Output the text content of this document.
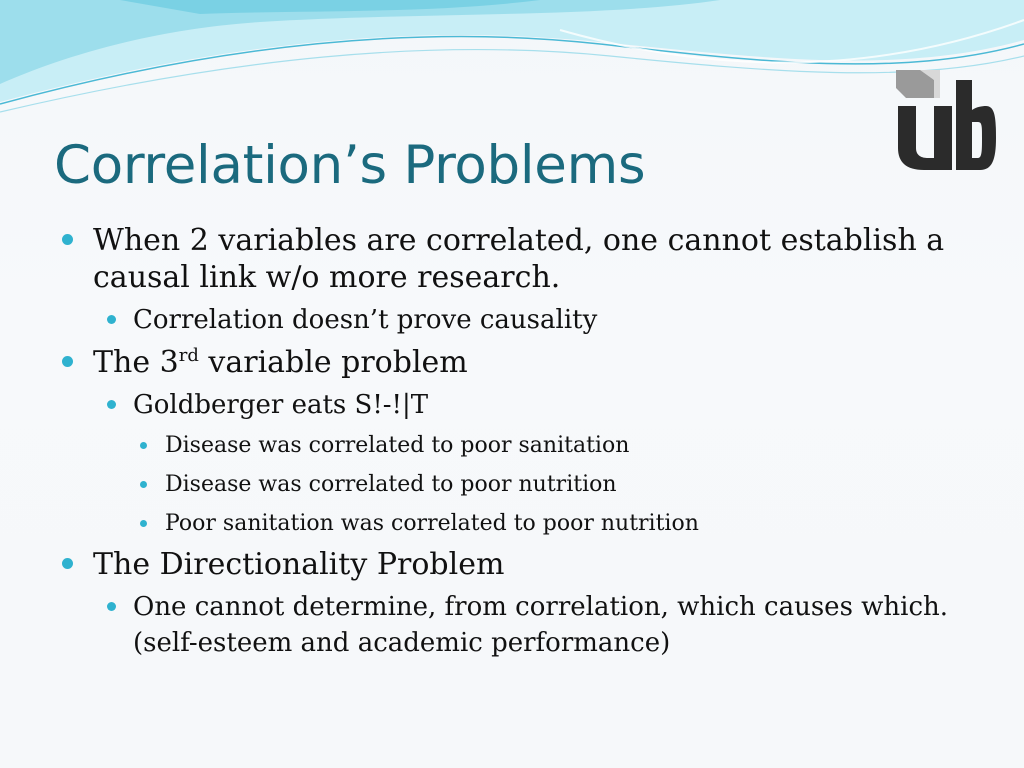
Correlation’s Problems
When 2 variables are correlated, one cannot establish a causal link w/o more research.
Correlation doesn’t prove causality
The 3rd variable problem
Goldberger eats S!-!|T
Disease was correlated to poor sanitation
Disease was correlated to poor nutrition
Poor sanitation was correlated to poor nutrition
The Directionality Problem
One cannot determine, from correlation, which causes which. (self-esteem and academic performance)
